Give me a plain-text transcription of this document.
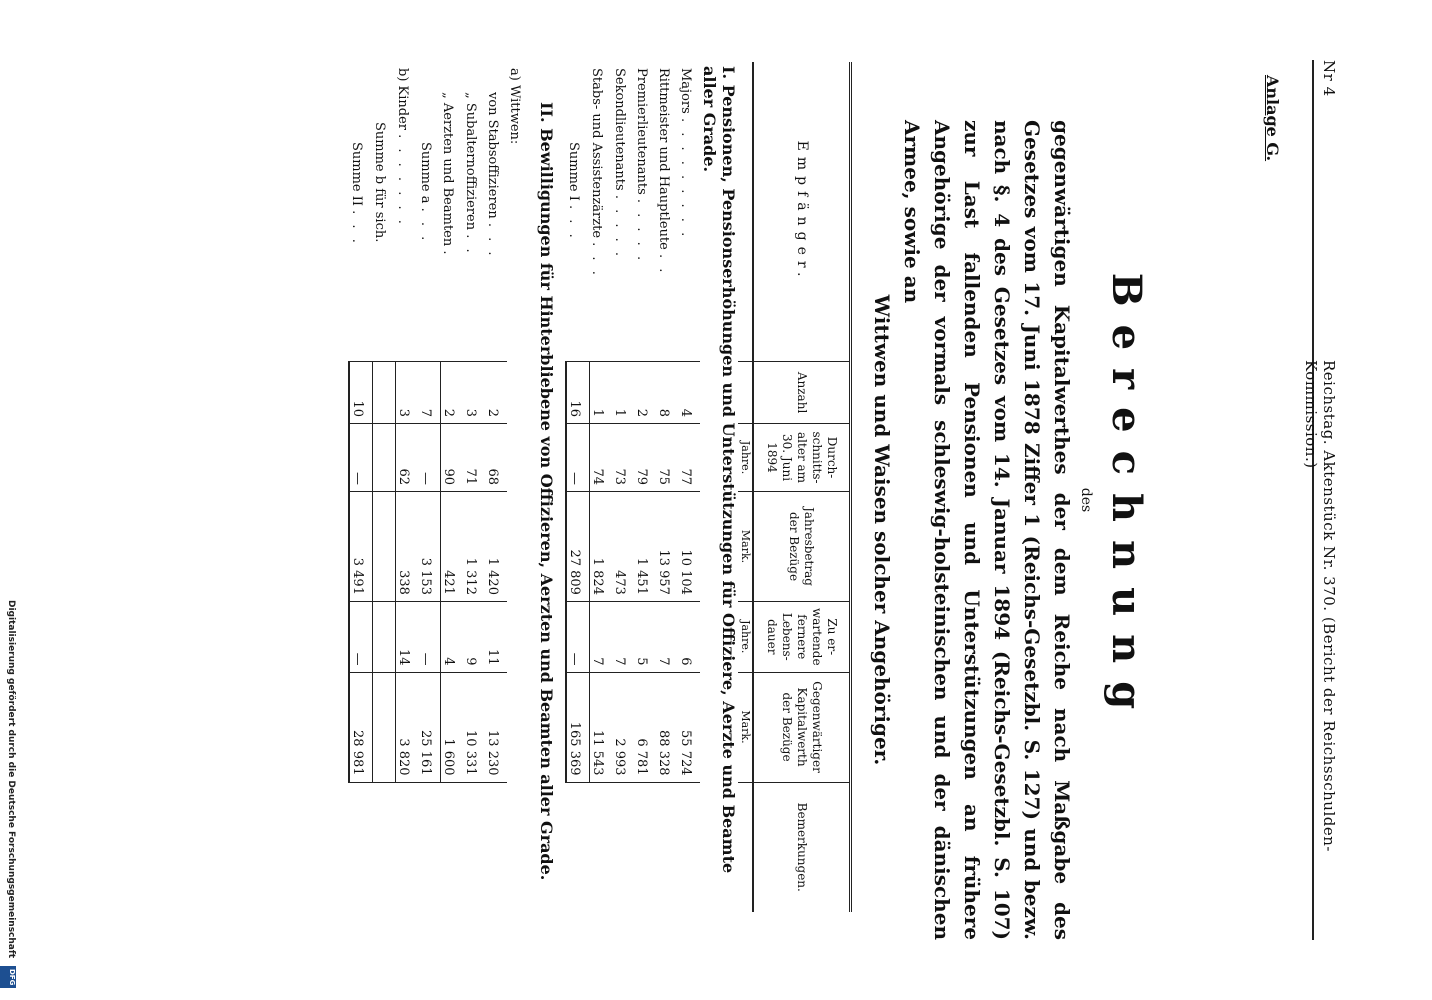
Nr 4
Reichstag. Aktenstück Nr. 370. (Bericht der Reichsschulden-Kommission.)
Anlage G.
Berechnung
des
gegenwärtigen Kapitalwerthes der dem Reiche nach Maßgabe des Gesetzes vom 17. Juni 1878 Ziffer 1 (Reichs-Gesetzbl. S. 127) und bezw. nach §. 4 des Gesetzes vom 14. Januar 1894 (Reichs-Gesetzbl. S. 107) zur Last fallenden Pensionen und Unterstützungen an frühere Angehörige der vormals schleswig-holsteinischen und der dänischen Armee, sowie an
Wittwen und Waisen solcher Angehöriger.
Empfänger.	Anzahl	Durch-schnitts-alter am 30. Juni 1894	Jahresbetrag der Bezüge	Zu er-wartende fernere Lebens-dauer	Gegenwärtiger Kapitalwerth der Bezüge	Bemerkungen.
		Jahre.	Mark.	Jahre.	Mark.	
I. Pensionen, Pensionserhöhungen und Unterstützungen für Offiziere, Aerzte und Beamte aller Grade.						
Majors . . . . . . . . .	4	77	10 104	6	55 724	
Rittmeister und Hauptleute . .	8	75	13 957	7	88 328	
Premierlieutenants . . . . .	2	79	1 451	5	6 781	
Sekondlieutenants . . . . .	1	73	473	7	2 993	
Stabs- und Assistenzärzte . . .	1	74	1 824	7	11 543	
Summe I . . .	16	—	27 809	—	165 369	
II. Bewilligungen für Hinterbliebene von Offizieren, Aerzten und Beamten aller Grade.						
a) Wittwen:						
von Stabsoffizieren . . .	2	68	1 420	11	13 230	
„ Subalternoffizieren . .	3	71	1 312	9	10 331	
„ Aerzten und Beamten .	2	90	421	4	1 600	
Summe a . . .	7	—	3 153	—	25 161	
b) Kinder . . . . . . .	3	62	338	14	3 820	
Summe b für sich.						
Summe II . . .	10	—	3 491	—	28 981	
Digitalisierung gefördert durch die Deutsche Forschungsgemeinschaft
DFG
